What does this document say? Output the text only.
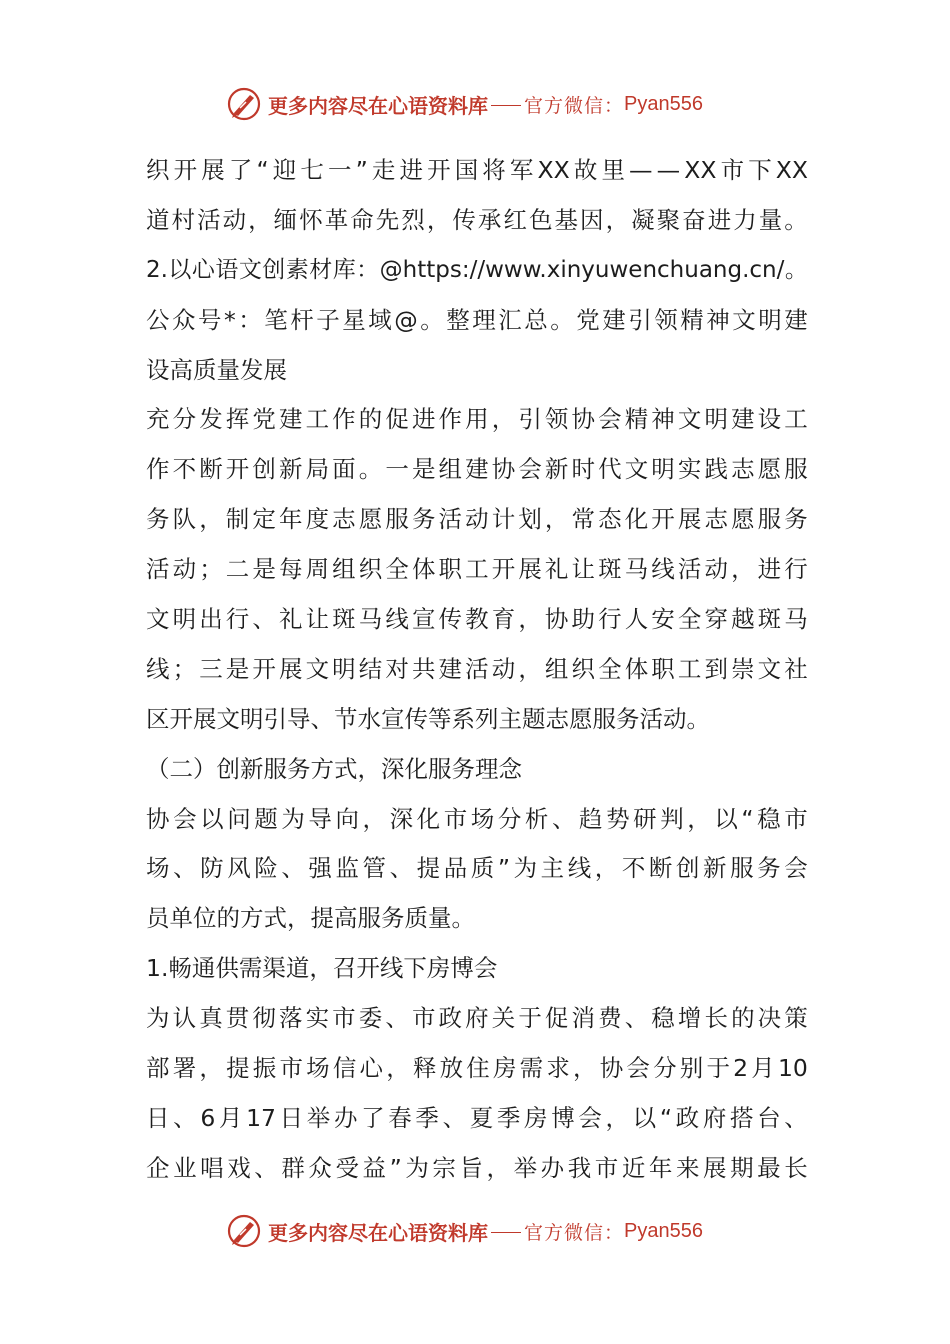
更多内容尽在心语资料库 官方微信： Pyan556
织 开 展 了 “ 迎 七 一 ” 走 进 开 国 将 军 XX 故 里 — — XX 市 下 XX
道 村 活 动 ， 缅 怀 革 命 先 烈 ， 传 承 红 色 基 因 ， 凝 聚 奋 进 力 量 。
2. 以 心 语 文 创 素 材 库 ： @https://www.xinyuwenchuang.cn/ 。
公 众 号 * ： 笔 杆 子 星 域 @ 。 整 理 汇 总 。 党 建 引 领 精 神 文 明 建
设高质量发展
充 分 发 挥 党 建 工 作 的 促 进 作 用 ， 引 领 协 会 精 神 文 明 建 设 工
作 不 断 开 创 新 局 面 。 一 是 组 建 协 会 新 时 代 文 明 实 践 志 愿 服
务 队 ， 制 定 年 度 志 愿 服 务 活 动 计 划 ， 常 态 化 开 展 志 愿 服 务
活 动 ； 二 是 每 周 组 织 全 体 职 工 开 展 礼 让 斑 马 线 活 动 ， 进 行
文 明 出 行 、 礼 让 斑 马 线 宣 传 教 育 ， 协 助 行 人 安 全 穿 越 斑 马
线 ； 三 是 开 展 文 明 结 对 共 建 活 动 ， 组 织 全 体 职 工 到 崇 文 社
区开展文明引导、节水宣传等系列主题志愿服务活动。
（二）创新服务方式，深化服务理念
协 会 以 问 题 为 导 向 ， 深 化 市 场 分 析 、 趋 势 研 判 ， 以 “ 稳 市
场 、 防 风 险 、 强 监 管 、 提 品 质 ” 为 主 线 ， 不 断 创 新 服 务 会
员单位的方式，提高服务质量。
1.畅通供需渠道，召开线下房博会
为 认 真 贯 彻 落 实 市 委 、 市 政 府 关 于 促 消 费 、 稳 增 长 的 决 策
部 署 ， 提 振 市 场 信 心 ， 释 放 住 房 需 求 ， 协 会 分 别 于 2 月 10
日 、 6 月 17 日 举 办 了 春 季 、 夏 季 房 博 会 ， 以 “ 政 府 搭 台 、
企 业 唱 戏 、 群 众 受 益 ” 为 宗 旨 ， 举 办 我 市 近 年 来 展 期 最 长
更多内容尽在心语资料库 官方微信： Pyan556
